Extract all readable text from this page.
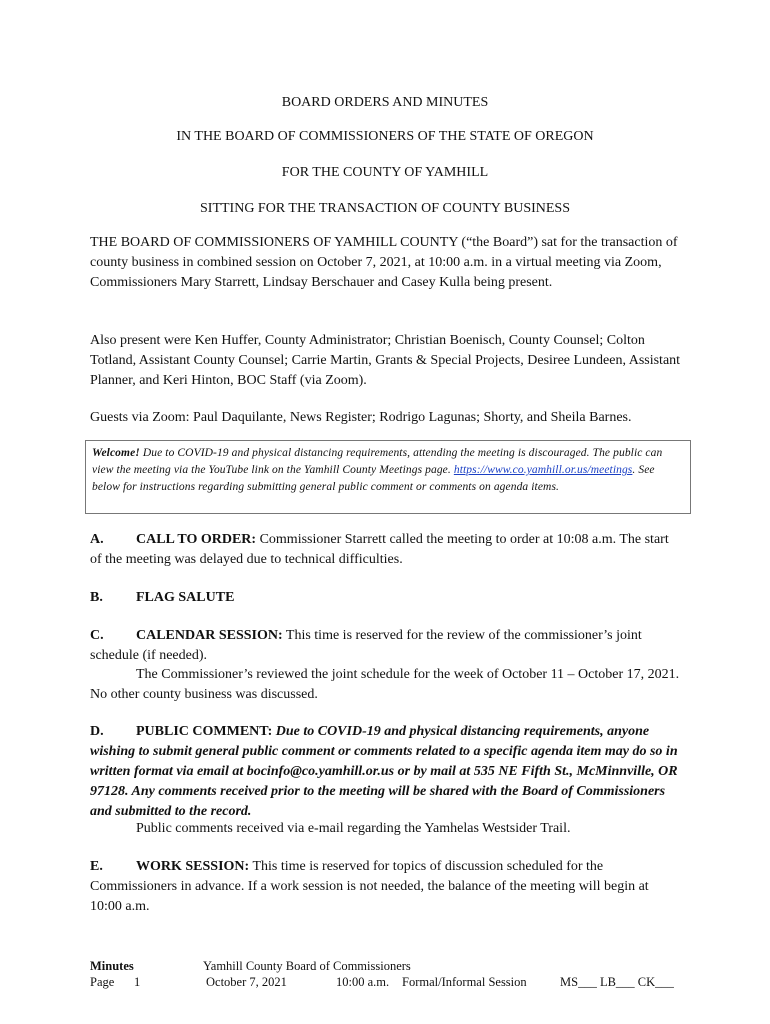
BOARD ORDERS AND MINUTES
IN THE BOARD OF COMMISSIONERS OF THE STATE OF OREGON
FOR THE COUNTY OF YAMHILL
SITTING FOR THE TRANSACTION OF COUNTY BUSINESS
THE BOARD OF COMMISSIONERS OF YAMHILL COUNTY (“the Board”) sat for the transaction of county business in combined session on October 7, 2021, at 10:00 a.m. in a virtual meeting via Zoom, Commissioners Mary Starrett, Lindsay Berschauer and Casey Kulla being present.
Also present were Ken Huffer, County Administrator; Christian Boenisch, County Counsel; Colton Totland, Assistant County Counsel; Carrie Martin, Grants & Special Projects, Desiree Lundeen, Assistant Planner, and Keri Hinton, BOC Staff (via Zoom).
Guests via Zoom: Paul Daquilante, News Register; Rodrigo Lagunas; Shorty, and Sheila Barnes.
Welcome! Due to COVID-19 and physical distancing requirements, attending the meeting is discouraged. The public can view the meeting via the YouTube link on the Yamhill County Meetings page. https://www.co.yamhill.or.us/meetings. See below for instructions regarding submitting general public comment or comments on agenda items.
A. CALL TO ORDER: Commissioner Starrett called the meeting to order at 10:08 a.m. The start of the meeting was delayed due to technical difficulties.
B. FLAG SALUTE
C. CALENDAR SESSION: This time is reserved for the review of the commissioner’s joint schedule (if needed).
The Commissioner’s reviewed the joint schedule for the week of October 11 – October 17, 2021. No other county business was discussed.
D. PUBLIC COMMENT: Due to COVID-19 and physical distancing requirements, anyone wishing to submit general public comment or comments related to a specific agenda item may do so in written format via email at bocinfo@co.yamhill.or.us or by mail at 535 NE Fifth St., McMinnville, OR 97128. Any comments received prior to the meeting will be shared with the Board of Commissioners and submitted to the record.
Public comments received via e-mail regarding the Yamhelas Westsider Trail.
E. WORK SESSION: This time is reserved for topics of discussion scheduled for the Commissioners in advance. If a work session is not needed, the balance of the meeting will begin at 10:00 a.m.
Minutes
Page 1
Yamhill County Board of Commissioners
October 7, 2021	10:00 a.m. Formal/Informal Session	MS___ LB___ CK___
